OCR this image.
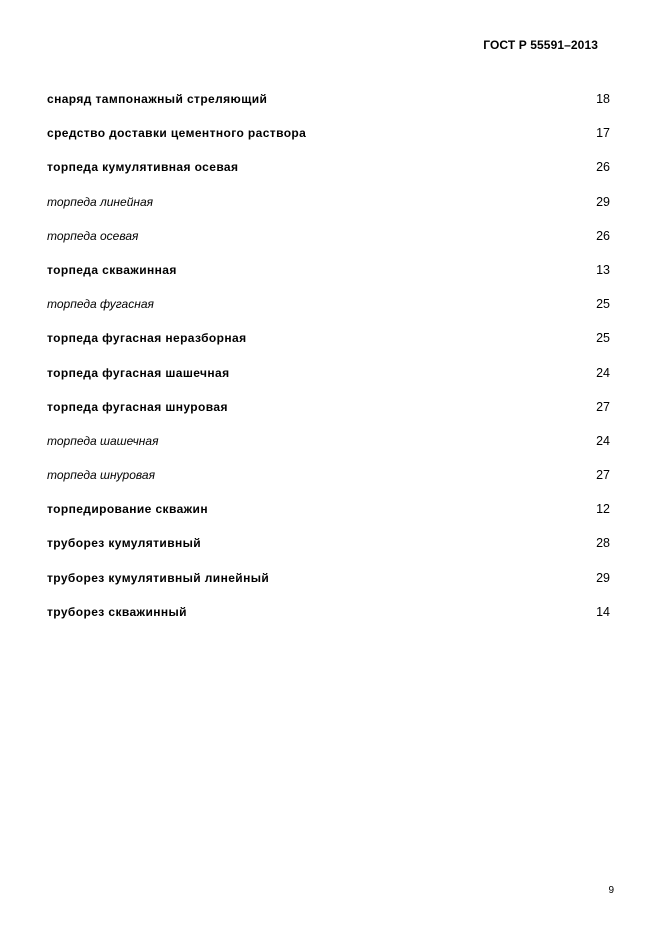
ГОСТ Р 55591–2013
снаряд тампонажный стреляющий	18
средство доставки цементного раствора	17
торпеда кумулятивная осевая	26
торпеда линейная	29
торпеда осевая	26
торпеда скважинная	13
торпеда фугасная	25
торпеда фугасная неразборная	25
торпеда фугасная шашечная	24
торпеда фугасная шнуровая	27
торпеда шашечная	24
торпеда шнуровая	27
торпедирование скважин	12
труборез кумулятивный	28
труборез кумулятивный линейный	29
труборез скважинный	14
9
